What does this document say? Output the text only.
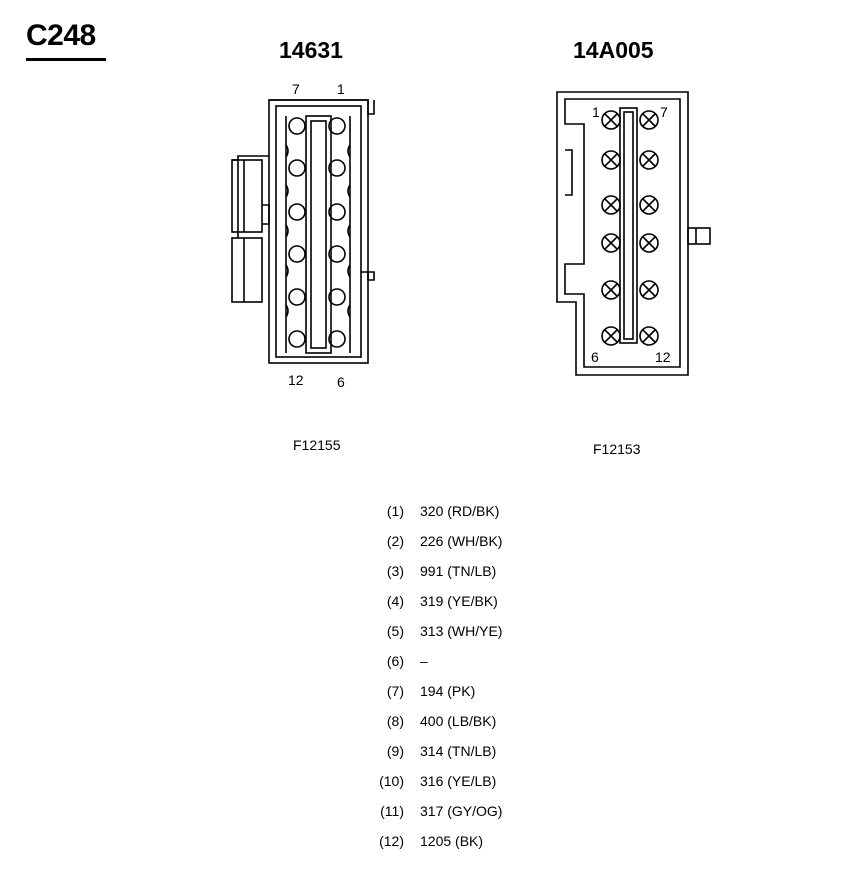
C248	14631	14A005
7	1
12 6
1	7
6	12
F12155	F12153
(1) 320 (RD/BK)
(2) 226 (WH/BK)
(3) 991 (TN/LB)
(4) 319 (YE/BK)
(5) 313 (WH/YE)
(6) –
(7) 194 (PK)
(8) 400 (LB/BK)
(9) 314 (TN/LB)
(10) 316 (YE/LB)
(11) 317 (GY/OG)
(12) 1205 (BK)
